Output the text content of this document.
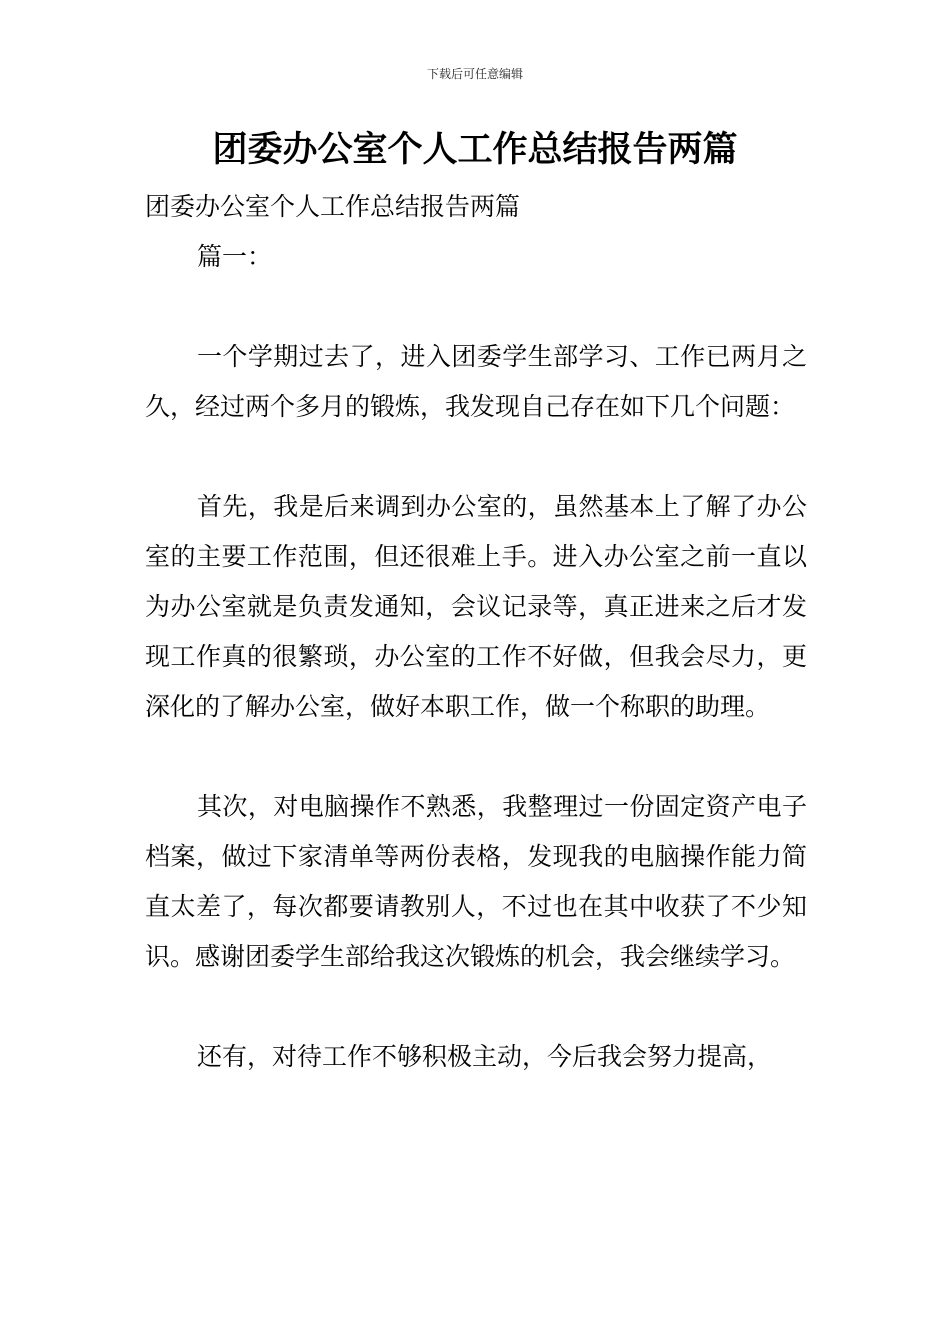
下载后可任意编辑
团委办公室个人工作总结报告两篇

团委办公室个人工作总结报告两篇

篇一：

一个学期过去了，进入团委学生部学习、工作已两月之久，经过两个多月的锻炼，我发现自己存在如下几个问题：

首先，我是后来调到办公室的，虽然基本上了解了办公室的主要工作范围，但还很难上手。进入办公室之前一直以为办公室就是负责发通知，会议记录等，真正进来之后才发现工作真的很繁琐，办公室的工作不好做，但我会尽力，更深化的了解办公室，做好本职工作，做一个称职的助理。

其次，对电脑操作不熟悉，我整理过一份固定资产电子档案，做过下家清单等两份表格，发现我的电脑操作能力简直太差了，每次都要请教别人，不过也在其中收获了不少知识。感谢团委学生部给我这次锻炼的机会，我会继续学习。

还有，对待工作不够积极主动，今后我会努力提高，
